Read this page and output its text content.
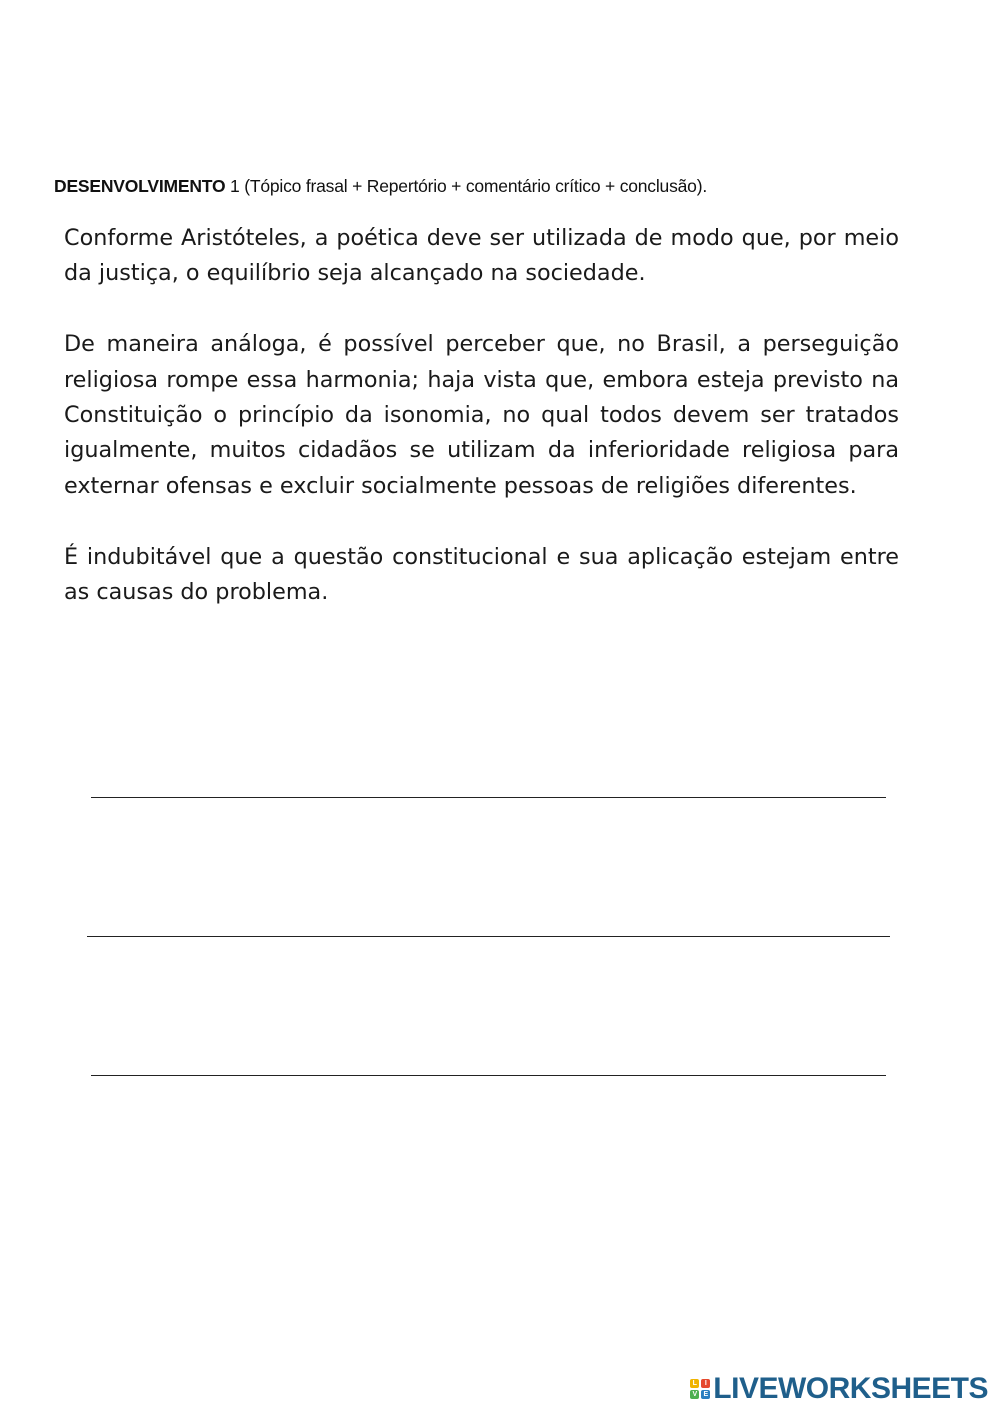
DESENVOLVIMENTO 1 (Tópico frasal + Repertório + comentário crítico + conclusão).

Conforme Aristóteles, a poética deve ser utilizada de modo que, por meio da justiça, o equilíbrio seja alcançado na sociedade.

De maneira análoga, é possível perceber que, no Brasil, a perseguição religiosa rompe essa harmonia; haja vista que, embora esteja previsto na Constituição o princípio da isonomia, no qual todos devem ser tratados igualmente, muitos cidadãos se utilizam da inferioridade religiosa para externar ofensas e excluir socialmente pessoas de religiões diferentes.

É indubitável que a questão constitucional e sua aplicação estejam entre as causas do problema.

L	I
V E LIVEWORKSHEETS
